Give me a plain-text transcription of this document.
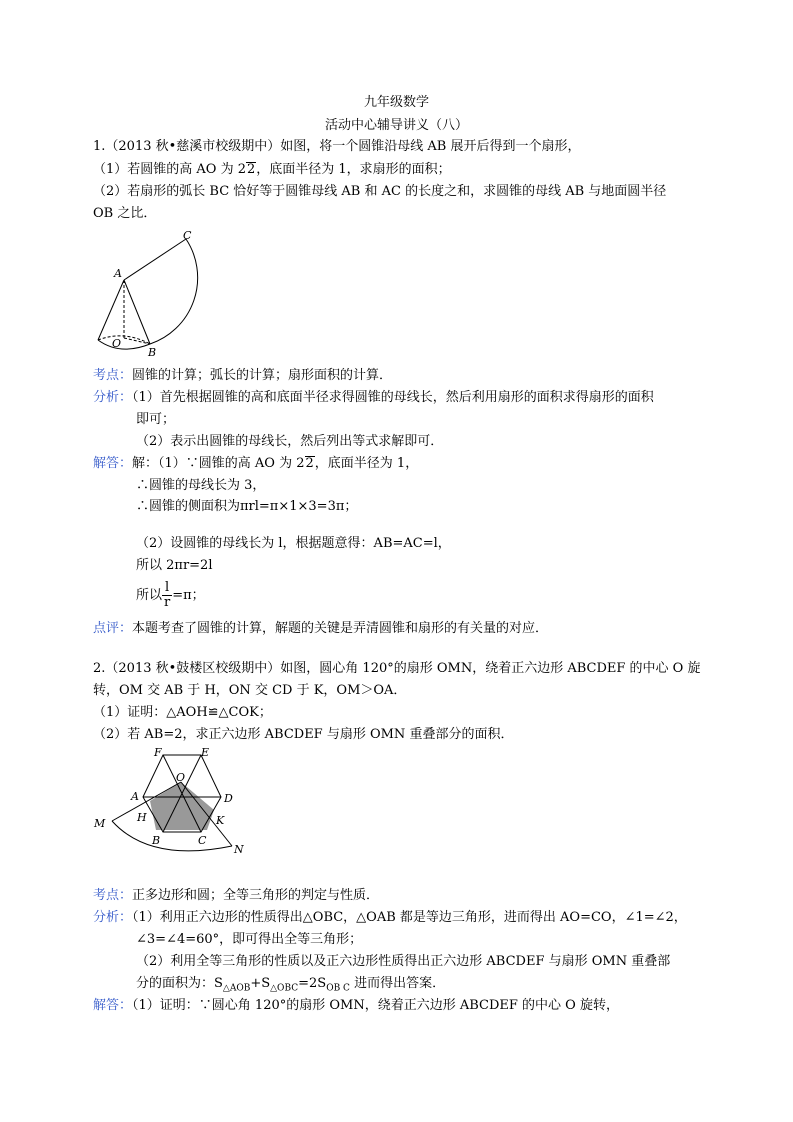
九年级数学
活动中心辅导讲义（八）
1.（2013 秋•慈溪市校级期中）如图，将一个圆锥沿母线 AB 展开后得到一个扇形，
（1）若圆锥的高 AO 为 22，底面半径为 1，求扇形的面积；
（2）若扇形的弧长 BC 恰好等于圆锥母线 AB 和 AC 的长度之和，求圆锥的母线 AB 与地面圆半径
OB 之比．
A
C
O
B
考点：圆锥的计算；弧长的计算；扇形面积的计算．
分析：（1）首先根据圆锥的高和底面半径求得圆锥的母线长，然后利用扇形的面积求得扇形的面积
即可；
（2）表示出圆锥的母线长，然后列出等式求解即可．
解答：解：（1）∵圆锥的高 AO 为 22，底面半径为 1，
∴圆锥的母线长为 3，
∴圆锥的侧面积为πrl=π×1×3=3π；
（2）设圆锥的母线长为 l，根据题意得：AB=AC=l，
所以 2πr=2l
所以 $\frac{l}{r} =\pi$；
点评：本题考查了圆锥的计算，解题的关键是弄清圆锥和扇形的有关量的对应．
2.（2013 秋•鼓楼区校级期中）如图，圆心角 120°的扇形 OMN，绕着正六边形 ABCDEF 的中心 O 旋
转，OM 交 AB 于 H，ON 交 CD 于 K，OM＞OA．
（1）证明：△AOH≌△COK；
（2）若 AB=2，求正六边形 ABCDEF 与扇形 OMN 重叠部分的面积．
F	E
O
A	D
M	H	K
B	C
N
考点：正多边形和圆；全等三角形的判定与性质．
分析：（1）利用正六边形的性质得出△OBC，△OAB 都是等边三角形，进而得出 AO=CO，∠1=∠2，
∠3=∠4=60°，即可得出全等三角形；
（2）利用全等三角形的性质以及正六边形性质得出正六边形 ABCDEF 与扇形 OMN 重叠部
分的面积为：$S_{\triangle AOB}+S_{\triangle OBC}=2S_{OB C}$ 进而得出答案．
解答：（1）证明：∵圆心角 120°的扇形 OMN，绕着正六边形 ABCDEF 的中心 O 旋转，
